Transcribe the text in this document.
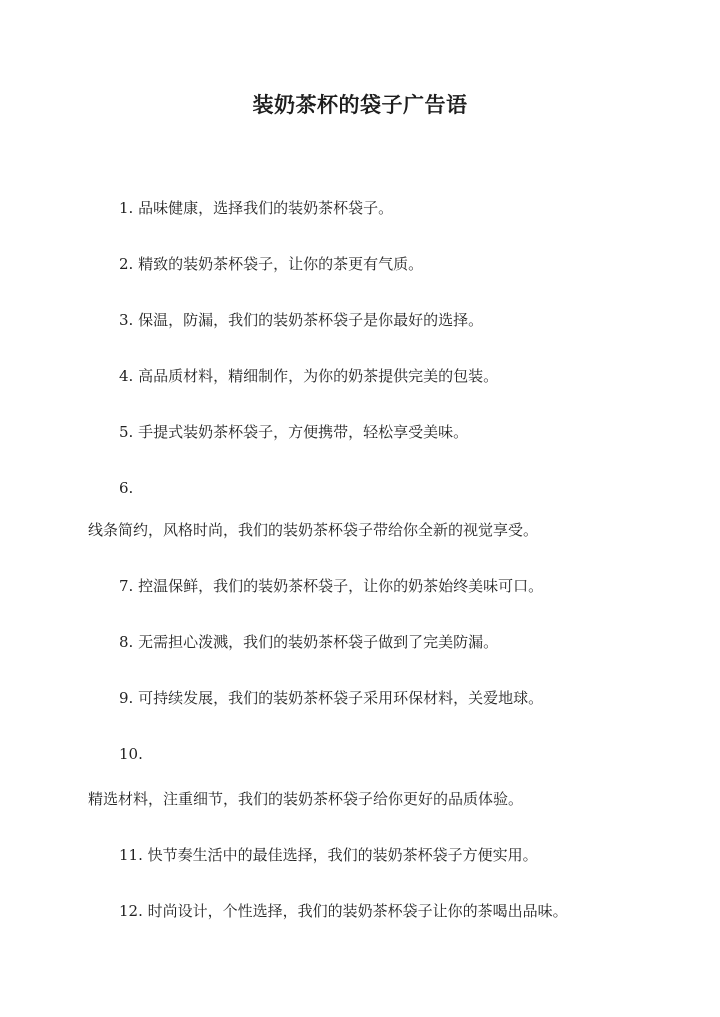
装奶茶杯的袋子广告语
1. 品味健康，选择我们的装奶茶杯袋子。
2. 精致的装奶茶杯袋子，让你的茶更有气质。
3. 保温，防漏，我们的装奶茶杯袋子是你最好的选择。
4. 高品质材料，精细制作，为你的奶茶提供完美的包装。
5. 手提式装奶茶杯袋子，方便携带，轻松享受美味。
6.
线条简约，风格时尚，我们的装奶茶杯袋子带给你全新的视觉享受。
7. 控温保鲜，我们的装奶茶杯袋子，让你的奶茶始终美味可口。
8. 无需担心泼溅，我们的装奶茶杯袋子做到了完美防漏。
9. 可持续发展，我们的装奶茶杯袋子采用环保材料，关爱地球。
10.
精选材料，注重细节，我们的装奶茶杯袋子给你更好的品质体验。
11. 快节奏生活中的最佳选择，我们的装奶茶杯袋子方便实用。
12. 时尚设计，个性选择，我们的装奶茶杯袋子让你的茶喝出品味。
